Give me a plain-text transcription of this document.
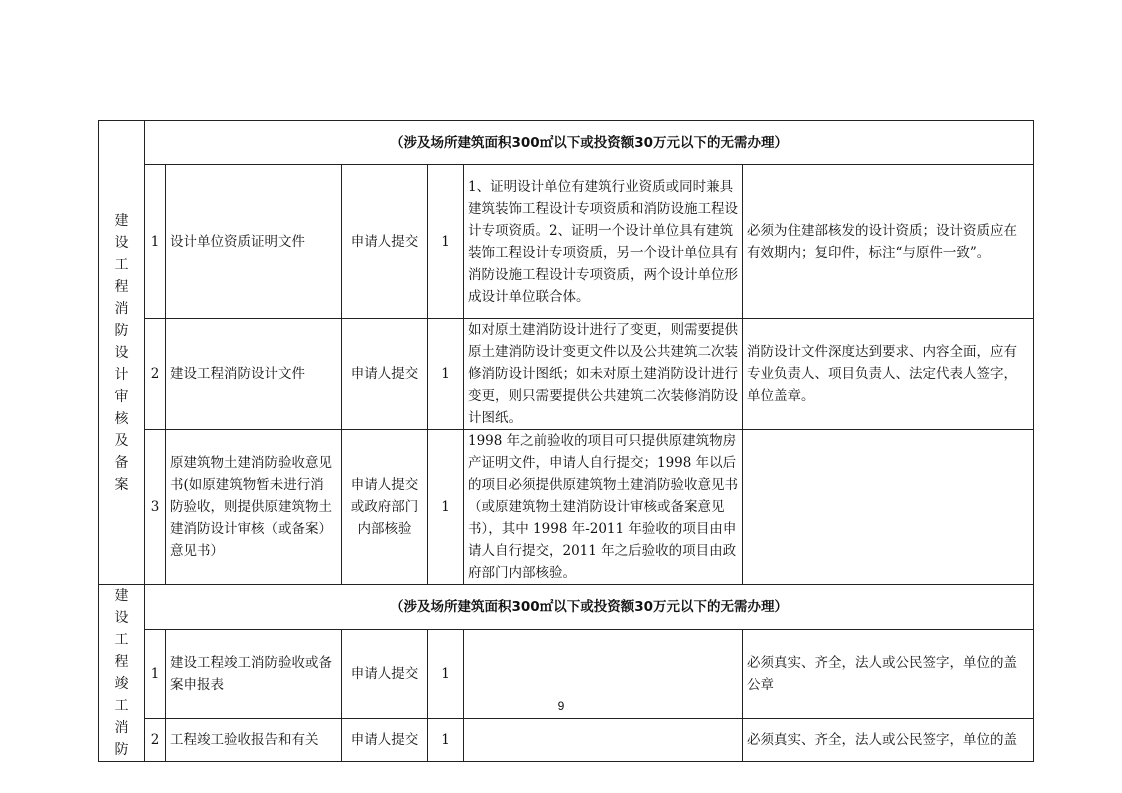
建设工程消防设计审核及备案	（涉及场所建筑面积300㎡以下或投资额30万元以下的无需办理）					
	1	设计单位资质证明文件	申请人提交	1	1、证明设计单位有建筑行业资质或同时兼具建筑装饰工程设计专项资质和消防设施工程设计专项资质。2、证明一个设计单位具有建筑装饰工程设计专项资质，另一个设计单位具有消防设施工程设计专项资质，两个设计单位形成设计单位联合体。	必须为住建部核发的设计资质；设计资质应在有效期内；复印件，标注“与原件一致”。
	2	建设工程消防设计文件	申请人提交	1	如对原土建消防设计进行了变更，则需要提供原土建消防设计变更文件以及公共建筑二次装修消防设计图纸；如未对原土建消防设计进行变更，则只需要提供公共建筑二次装修消防设计图纸。	消防设计文件深度达到要求、内容全面，应有专业负责人、项目负责人、法定代表人签字，单位盖章。
	3	原建筑物土建消防验收意见书(如原建筑物暂未进行消防验收，则提供原建筑物土建消防设计审核（或备案）意见书）	申请人提交或政府部门内部核验	1	1998 年之前验收的项目可只提供原建筑物房产证明文件，申请人自行提交；1998 年以后的项目必须提供原建筑物土建消防验收意见书（或原建筑物土建消防设计审核或备案意见书），其中 1998 年-2011 年验收的项目由申请人自行提交，2011 年之后验收的项目由政府部门内部核验。	

建设工程竣工消防	（涉及场所建筑面积300㎡以下或投资额30万元以下的无需办理）					
	1	建设工程竣工消防验收或备案申报表	申请人提交	1		必须真实、齐全，法人或公民签字，单位的盖公章
	2	工程竣工验收报告和有关	申请人提交	1		必须真实、齐全，法人或公民签字，单位的盖
9
